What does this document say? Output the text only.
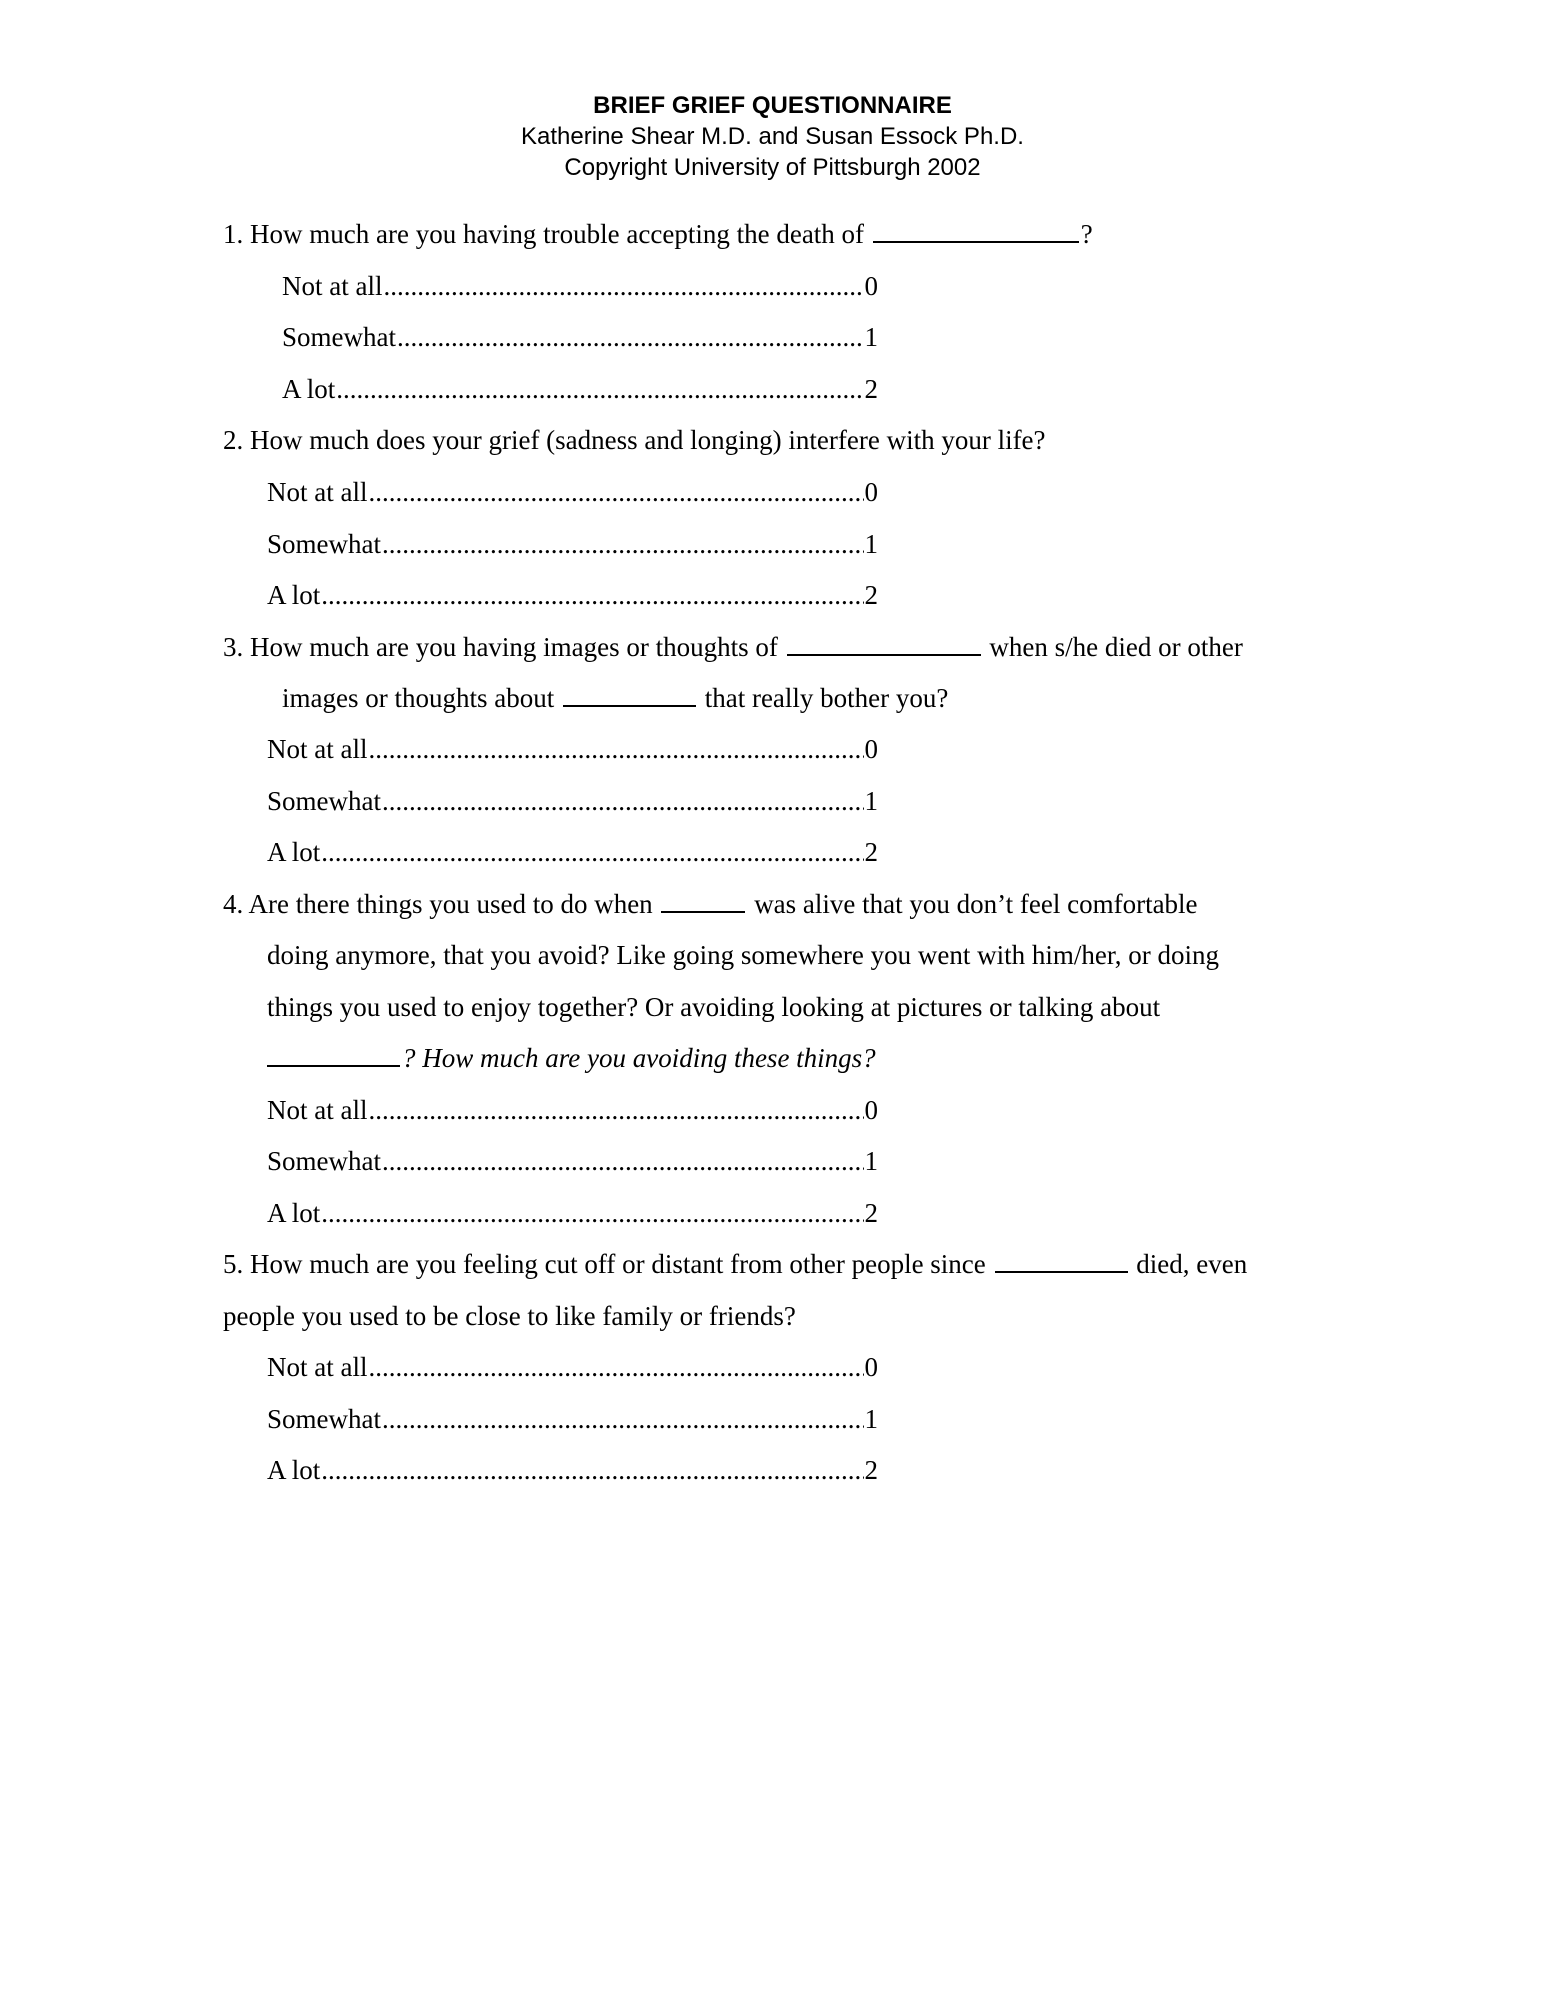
BRIEF GRIEF QUESTIONNAIRE
Katherine Shear M.D. and Susan Essock Ph.D.
Copyright University of Pittsburgh 2002
1. How much are you having trouble accepting the death of	?
Not at all .....	0
Somewhat .....	1
A lot .....	2
2. How much does your grief (sadness and longing) interfere with your life?
Not at all .....	0
Somewhat .....	1
A lot .....	2
3. How much are you having images or thoughts of	when s/he died or other
images or thoughts about	that really bother you?
Not at all .....	0
Somewhat .....	1
A lot .....	2
4. Are there things you used to do when	was alive that you don’t feel comfortable
doing anymore, that you avoid? Like going somewhere you went with him/her, or doing
things you used to enjoy together? Or avoiding looking at pictures or talking about
? How much are you avoiding these things?
Not at all .....	0
Somewhat .....	1
A lot .....	2
5. How much are you feeling cut off or distant from other people since	died, even
people you used to be close to like family or friends?
Not at all .....	0
Somewhat .....	1
A lot .....	2
